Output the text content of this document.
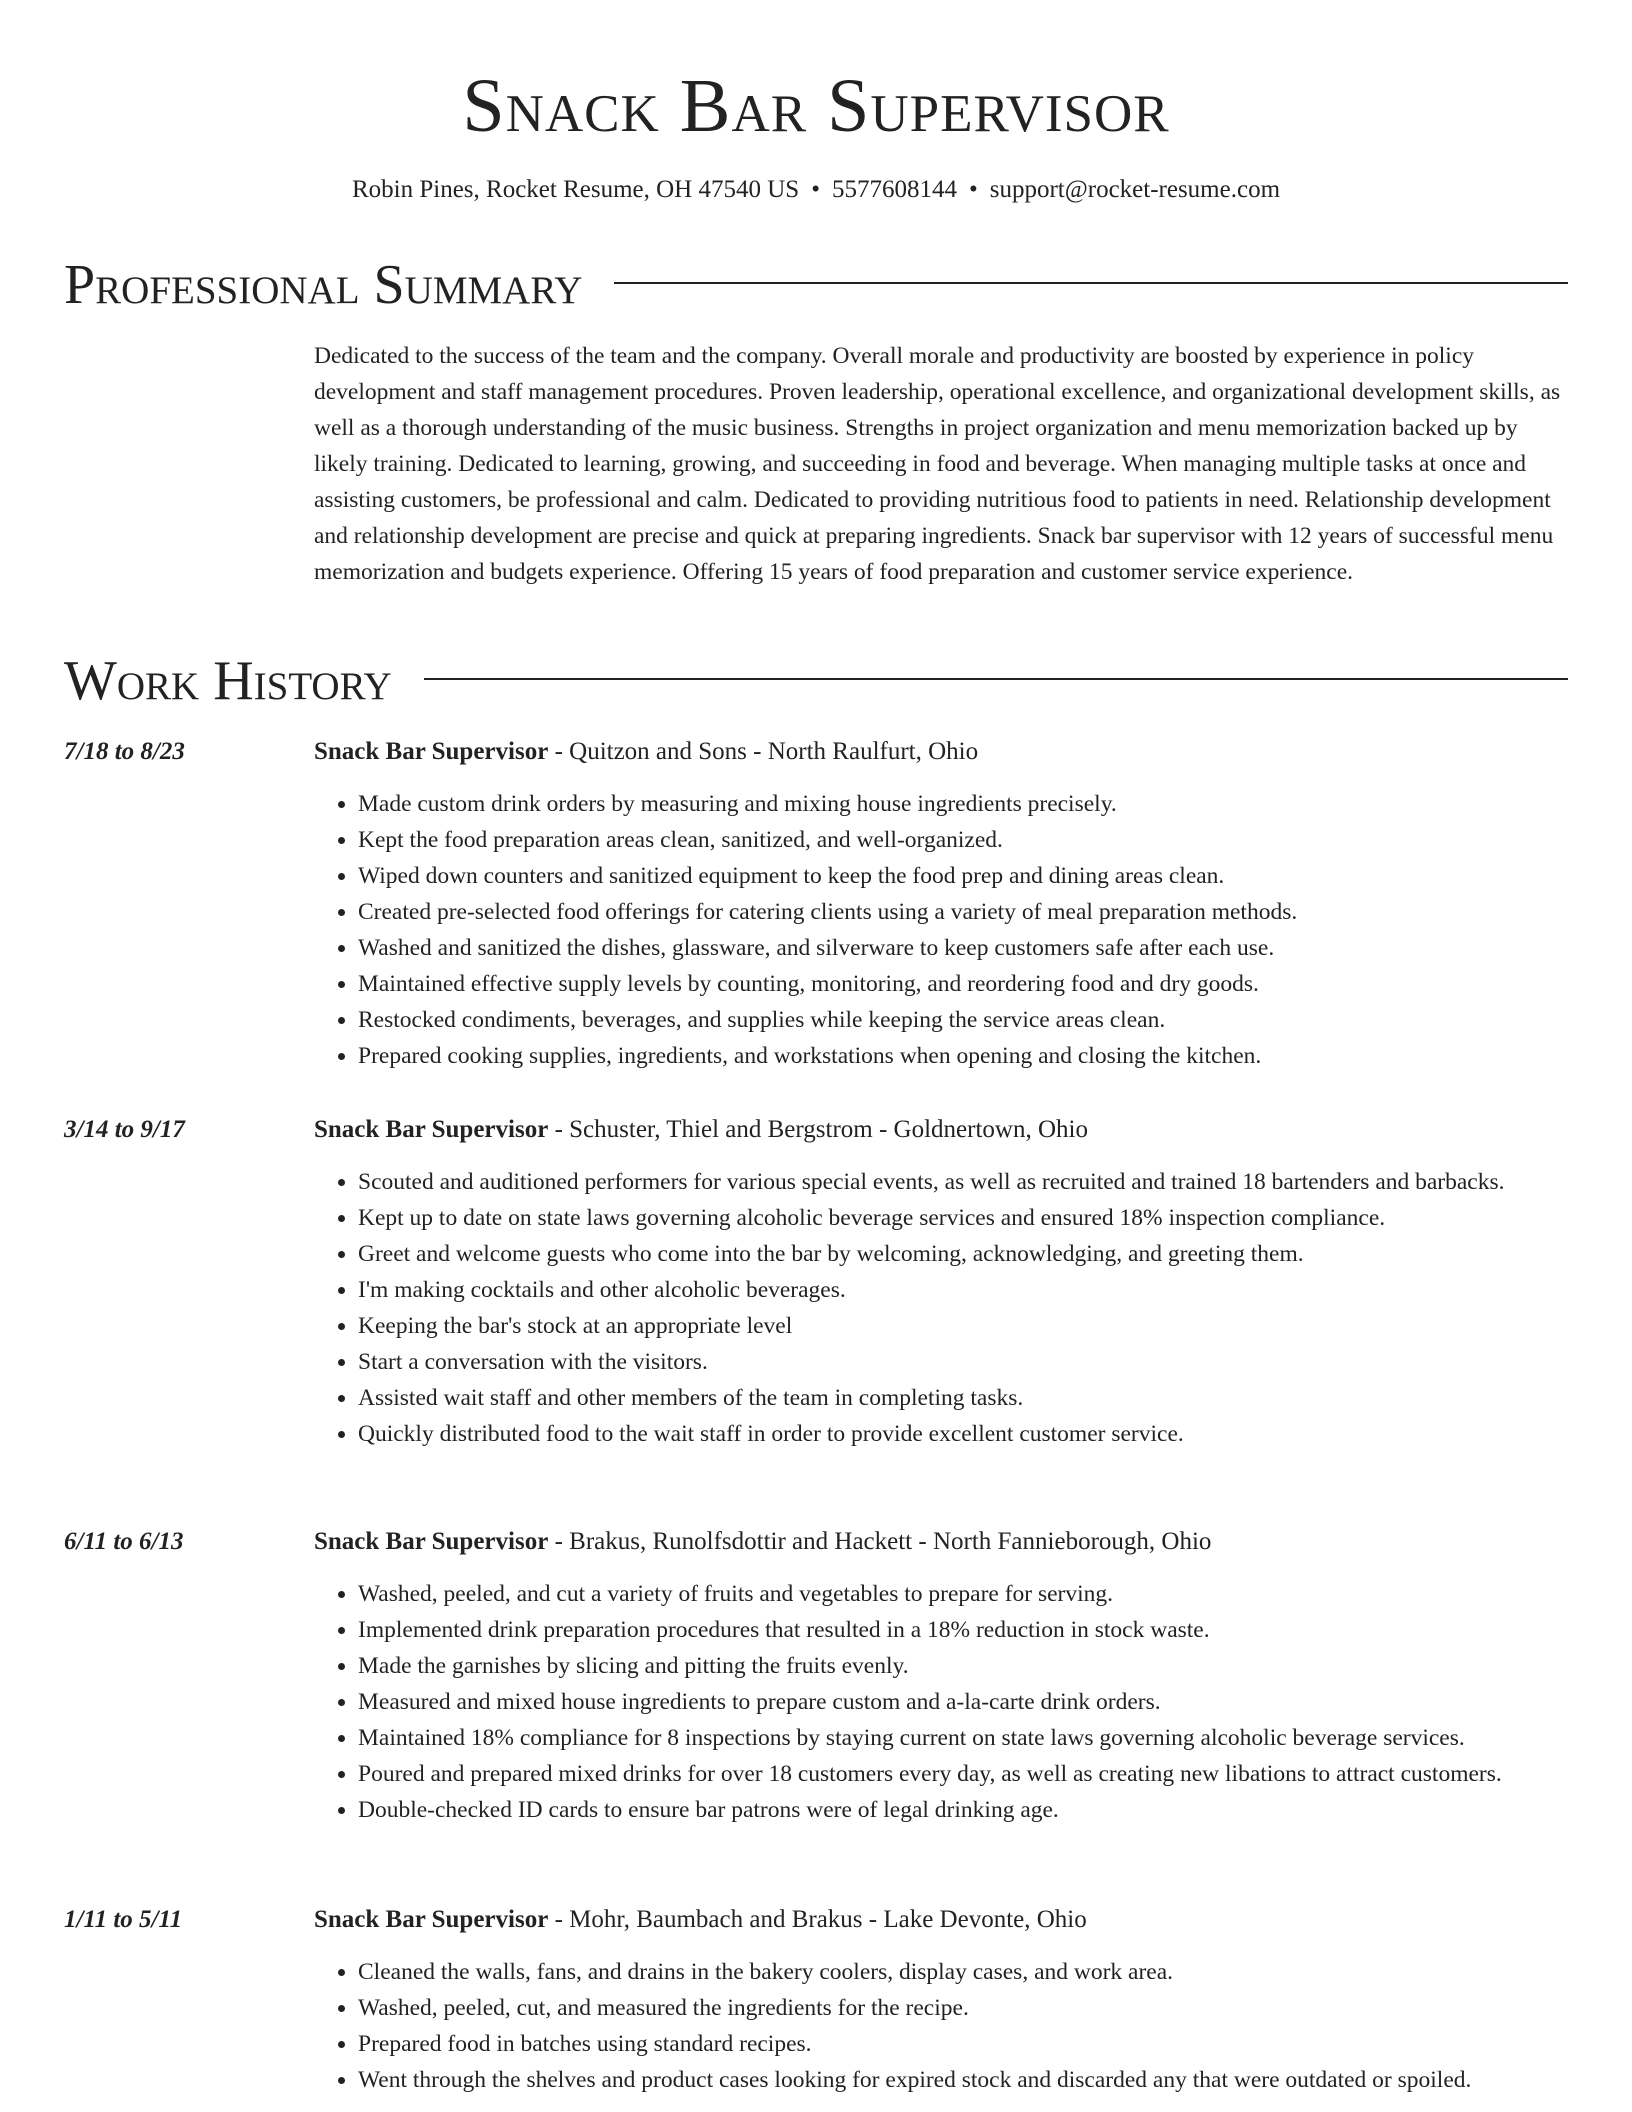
Snack Bar Supervisor
Robin Pines, Rocket Resume, OH 47540 US • 5577608144 • support@rocket-resume.com
Professional Summary

Dedicated to the success of the team and the company. Overall morale and productivity are boosted by experience in policy development and staff management procedures. Proven leadership, operational excellence, and organizational development skills, as well as a thorough understanding of the music business. Strengths in project organization and menu memorization backed up by likely training. Dedicated to learning, growing, and succeeding in food and beverage. When managing multiple tasks at once and assisting customers, be professional and calm. Dedicated to providing nutritious food to patients in need. Relationship development and relationship development are precise and quick at preparing ingredients. Snack bar supervisor with 12 years of successful menu memorization and budgets experience. Offering 15 years of food preparation and customer service experience.

Work History
7/18 to 8/23	Snack Bar Supervisor - Quitzon and Sons - North Raulfurt, Ohio
• Made custom drink orders by measuring and mixing house ingredients precisely.
• Kept the food preparation areas clean, sanitized, and well-organized.
• Wiped down counters and sanitized equipment to keep the food prep and dining areas clean.
• Created pre-selected food offerings for catering clients using a variety of meal preparation methods.
• Washed and sanitized the dishes, glassware, and silverware to keep customers safe after each use.
• Maintained effective supply levels by counting, monitoring, and reordering food and dry goods.
• Restocked condiments, beverages, and supplies while keeping the service areas clean.
• Prepared cooking supplies, ingredients, and workstations when opening and closing the kitchen.
3/14 to 9/17	Snack Bar Supervisor - Schuster, Thiel and Bergstrom - Goldnertown, Ohio
• Scouted and auditioned performers for various special events, as well as recruited and trained 18 bartenders and barbacks.
• Kept up to date on state laws governing alcoholic beverage services and ensured 18% inspection compliance.
• Greet and welcome guests who come into the bar by welcoming, acknowledging, and greeting them.
• I'm making cocktails and other alcoholic beverages.
• Keeping the bar's stock at an appropriate level
• Start a conversation with the visitors.
• Assisted wait staff and other members of the team in completing tasks.
• Quickly distributed food to the wait staff in order to provide excellent customer service.
6/11 to 6/13	Snack Bar Supervisor - Brakus, Runolfsdottir and Hackett - North Fannieborough, Ohio
• Washed, peeled, and cut a variety of fruits and vegetables to prepare for serving.
• Implemented drink preparation procedures that resulted in a 18% reduction in stock waste.
• Made the garnishes by slicing and pitting the fruits evenly.
• Measured and mixed house ingredients to prepare custom and a-la-carte drink orders.
• Maintained 18% compliance for 8 inspections by staying current on state laws governing alcoholic beverage services.
• Poured and prepared mixed drinks for over 18 customers every day, as well as creating new libations to attract customers.
• Double-checked ID cards to ensure bar patrons were of legal drinking age.
1/11 to 5/11	Snack Bar Supervisor - Mohr, Baumbach and Brakus - Lake Devonte, Ohio
• Cleaned the walls, fans, and drains in the bakery coolers, display cases, and work area.
• Washed, peeled, cut, and measured the ingredients for the recipe.
• Prepared food in batches using standard recipes.
• Went through the shelves and product cases looking for expired stock and discarded any that were outdated or spoiled.
